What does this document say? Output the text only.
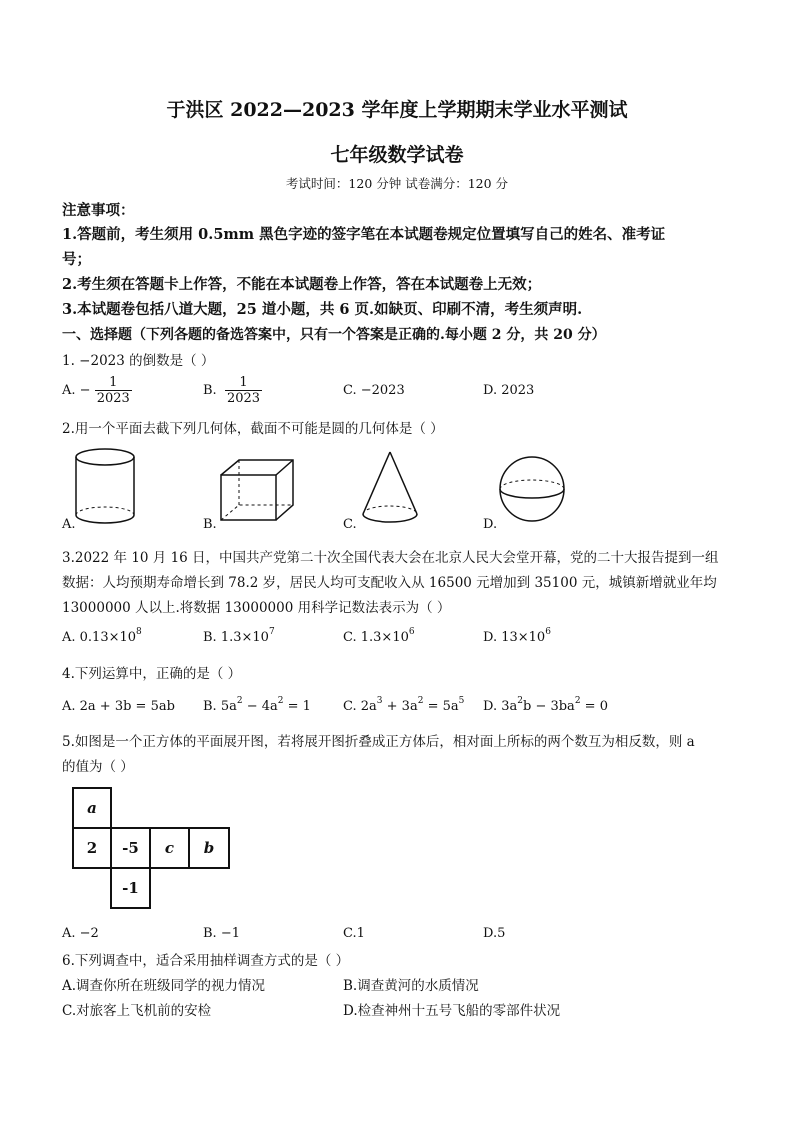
于洪区 2022—2023 学年度上学期期末学业水平测试
七年级数学试卷
考试时间：120 分钟 试卷满分：120 分
注意事项：
1.答题前，考生须用 0.5mm 黑色字迹的签字笔在本试题卷规定位置填写自己的姓名、准考证
号；
2.考生须在答题卡上作答，不能在本试题卷上作答，答在本试题卷上无效；
3.本试题卷包括八道大题，25 道小题，共 6 页.如缺页、印刷不清，考生须声明.
一、选择题（下列各题的备选答案中，只有一个答案是正确的.每小题 2 分，共 20 分）
1. −2023 的倒数是（ ）
A. − $\frac{1}{2023}$	B. $\frac{1}{2023}$	C. −2023	D. 2023
2.用一个平面去截下列几何体，截面不可能是圆的几何体是（ ）
A.	B.	C.	D.
3.2022 年 10 月 16 日，中国共产党第二十次全国代表大会在北京人民大会堂开幕，党的二十大报告提到一组
数据：人均预期寿命增长到 78.2 岁，居民人均可支配收入从 16500 元增加到 35100 元，城镇新增就业年均
13000000 人以上.将数据 13000000 用科学记数法表示为（ ）
A. $0.13\times 10^8$	B. $1.3\times 10^7$	C. $1.3\times 10^6$	D. $13\times 10^6$
4.下列运算中，正确的是（ ）
A. 2a + 3b = 5ab B. $5a^2 - 4a^2 = 1$ C. $2a^3 + 3a^2 = 5a^5$ D. $3a^2b - 3ba^2 = 0$
5.如图是一个正方体的平面展开图，若将展开图折叠成正方体后，相对面上所标的两个数互为相反数，则 a
的值为（ ）
a
2	-5	c	b
-1
A. −2	B. −1	C.1	D.5
6.下列调查中，适合采用抽样调查方式的是（ ）
A.调查你所在班级同学的视力情况	B.调查黄河的水质情况
C.对旅客上飞机前的安检	D.检查神州十五号飞船的零部件状况
